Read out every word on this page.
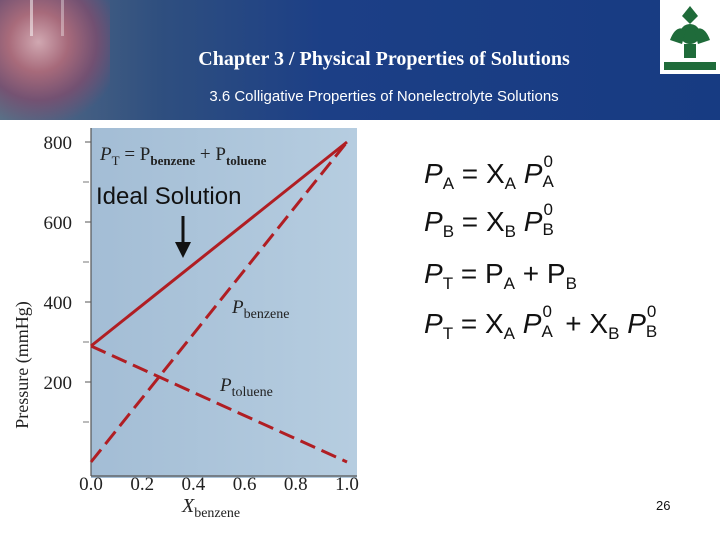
Chapter 3 / Physical Properties of Solutions
3.6 Colligative Properties of Nonelectrolyte Solutions
200
400
600
800
0.0 0.2 0.4 0.6 0.8 1.0
Pressure (mmHg)
$X_{benzene}$
$P_T = P_{benzene} + P_{toluene}$
Ideal Solution
$P_{benzene}$
$P_{toluene}$
$P_A = X_A$ P 0
A
$P_B = X_B$ P 0
B
$P_T = P_A + P_B$
$P_T = X_A$ P 0
$A + X_B$ P 0
B
26
